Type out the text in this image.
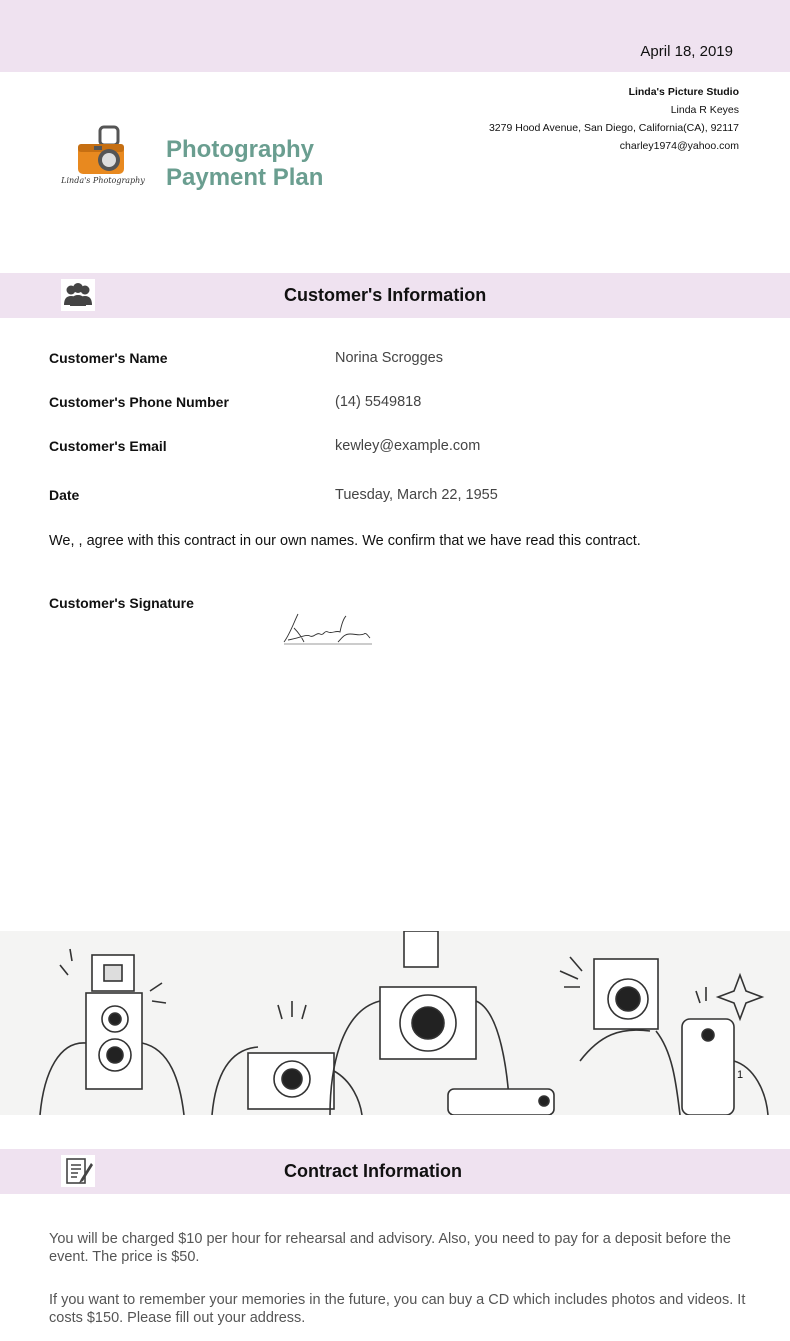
April 18, 2019
Linda's Picture Studio
Linda R Keyes
3279 Hood Avenue, San Diego, California(CA), 92117
charley1974@yahoo.com
Linda's Photography
Photography
Payment Plan
Customer's Information
Customer's Name	Norina Scrogges
Customer's Phone Number	(14) 5549818
Customer's Email	kewley@example.com
Date	Tuesday, March 22, 1955
We, , agree with this contract in our own names. We confirm that we have read this contract.
Customer's Signature
1
Contract Information
You will be charged $10 per hour for rehearsal and advisory. Also, you need to pay for a deposit before the event. The price is $50.
If you want to remember your memories in the future, you can buy a CD which includes photos and videos. It costs $150. Please fill out your address.
